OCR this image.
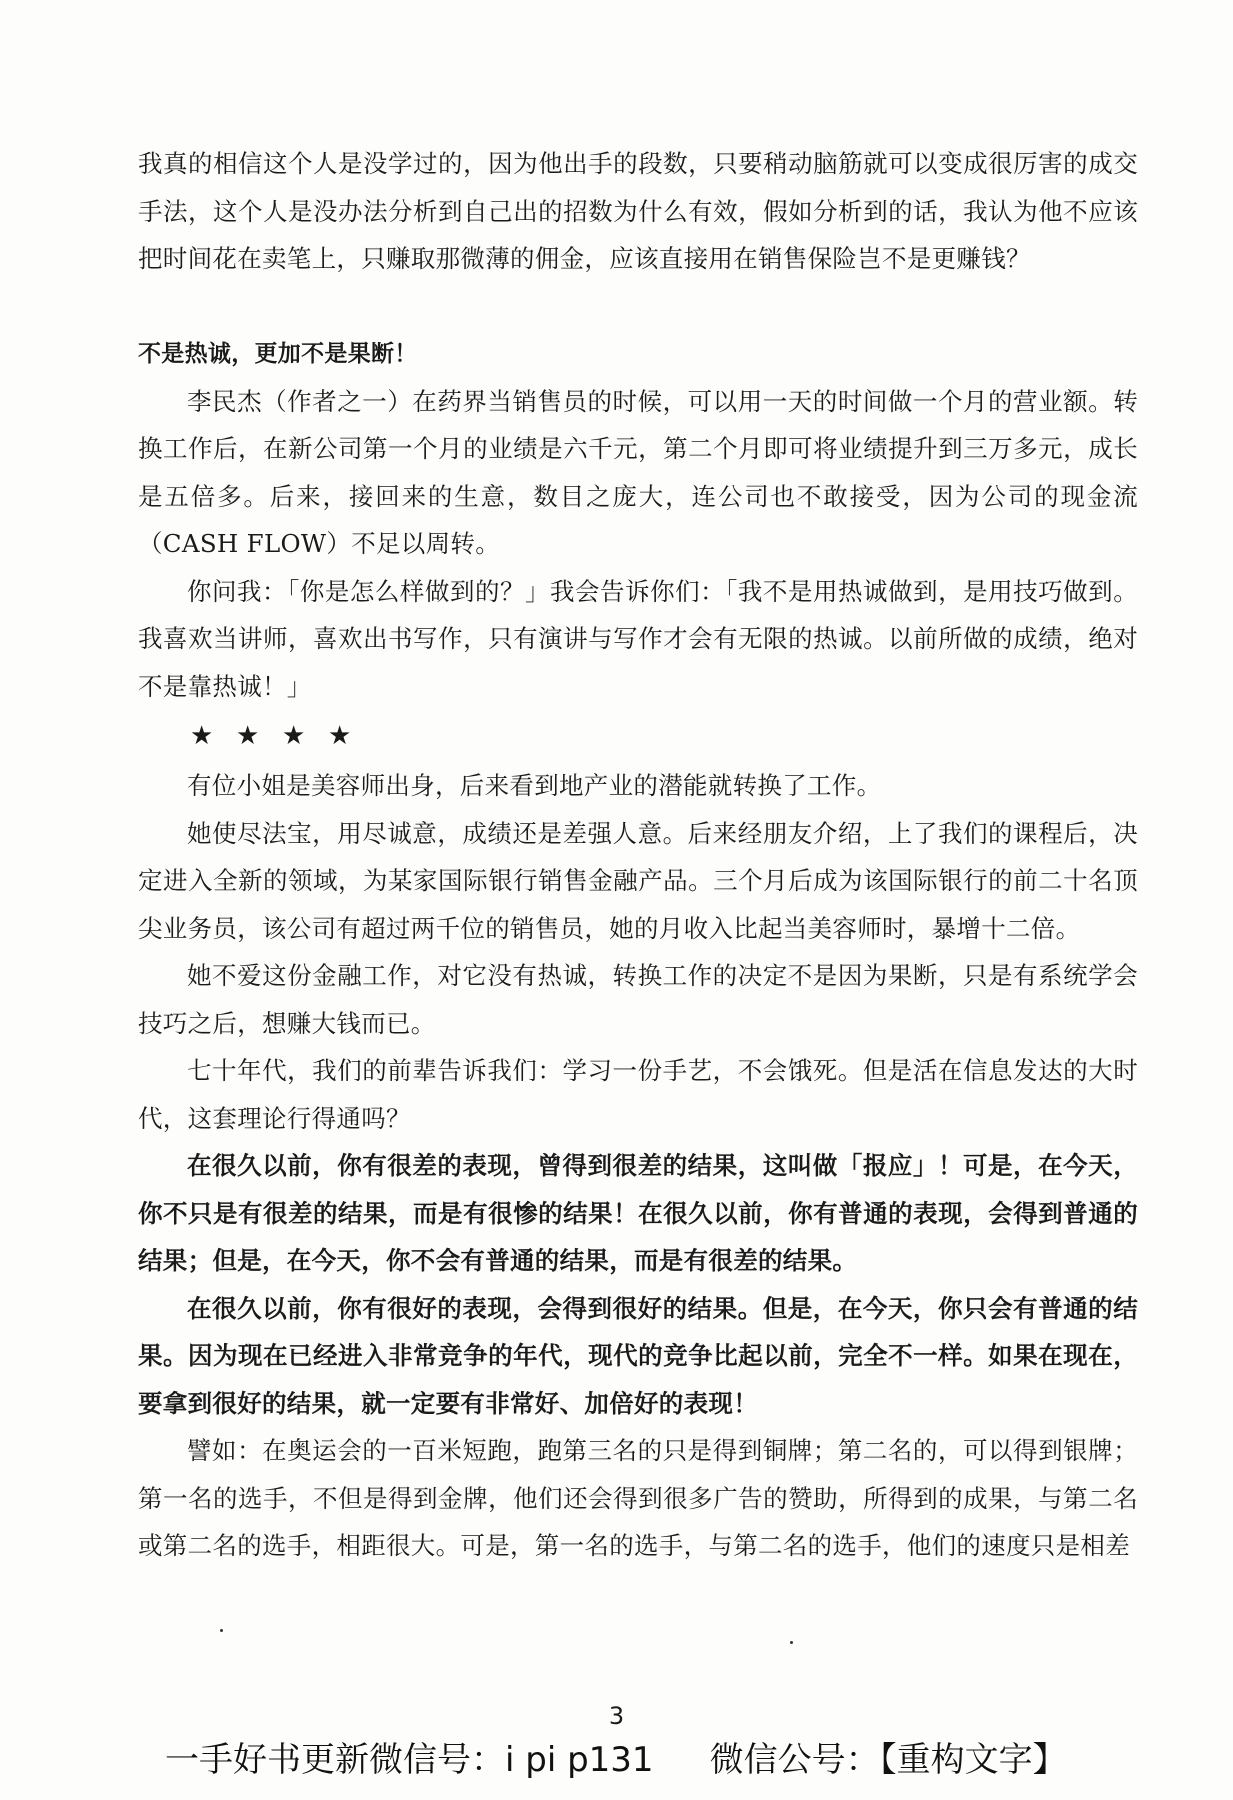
我真的相信这个人是没学过的，因为他出手的段数，只要稍动脑筋就可以变成很厉害的成交手法，这个人是没办法分析到自己出的招数为什么有效，假如分析到的话，我认为他不应该把时间花在卖笔上，只赚取那微薄的佣金，应该直接用在销售保险岂不是更赚钱？

不是热诚，更加不是果断！

李民杰（作者之一）在药界当销售员的时候，可以用一天的时间做一个月的营业额。转换工作后，在新公司第一个月的业绩是六千元，第二个月即可将业绩提升到三万多元，成长是五倍多。后来，接回来的生意，数目之庞大，连公司也不敢接受，因为公司的现金流（CASH FLOW）不足以周转。

你问我：「你是怎么样做到的？」我会告诉你们：「我不是用热诚做到，是用技巧做到。我喜欢当讲师，喜欢出书写作，只有演讲与写作才会有无限的热诚。以前所做的成绩，绝对不是靠热诚！」

★ ★ ★ ★

有位小姐是美容师出身，后来看到地产业的潜能就转换了工作。

她使尽法宝，用尽诚意，成绩还是差强人意。后来经朋友介绍，上了我们的课程后，决定进入全新的领域，为某家国际银行销售金融产品。三个月后成为该国际银行的前二十名顶尖业务员，该公司有超过两千位的销售员，她的月收入比起当美容师时，暴增十二倍。

她不爱这份金融工作，对它没有热诚，转换工作的决定不是因为果断，只是有系统学会技巧之后，想赚大钱而已。

七十年代，我们的前辈告诉我们：学习一份手艺，不会饿死。但是活在信息发达的大时代，这套理论行得通吗？

在很久以前，你有很差的表现，曾得到很差的结果，这叫做「报应」！可是，在今天，你不只是有很差的结果，而是有很惨的结果！在很久以前，你有普通的表现，会得到普通的结果；但是，在今天，你不会有普通的结果，而是有很差的结果。

在很久以前，你有很好的表现，会得到很好的结果。但是，在今天，你只会有普通的结果。因为现在已经进入非常竞争的年代，现代的竞争比起以前，完全不一样。如果在现在，要拿到很好的结果，就一定要有非常好、加倍好的表现！

譬如：在奥运会的一百米短跑，跑第三名的只是得到铜牌；第二名的，可以得到银牌；第一名的选手，不但是得到金牌，他们还会得到很多广告的赞助，所得到的成果，与第二名或第二名的选手，相距很大。可是，第一名的选手，与第二名的选手，他们的速度只是相差

3
一手好书更新微信号：i pi p131 微信公号：【重构文字】
